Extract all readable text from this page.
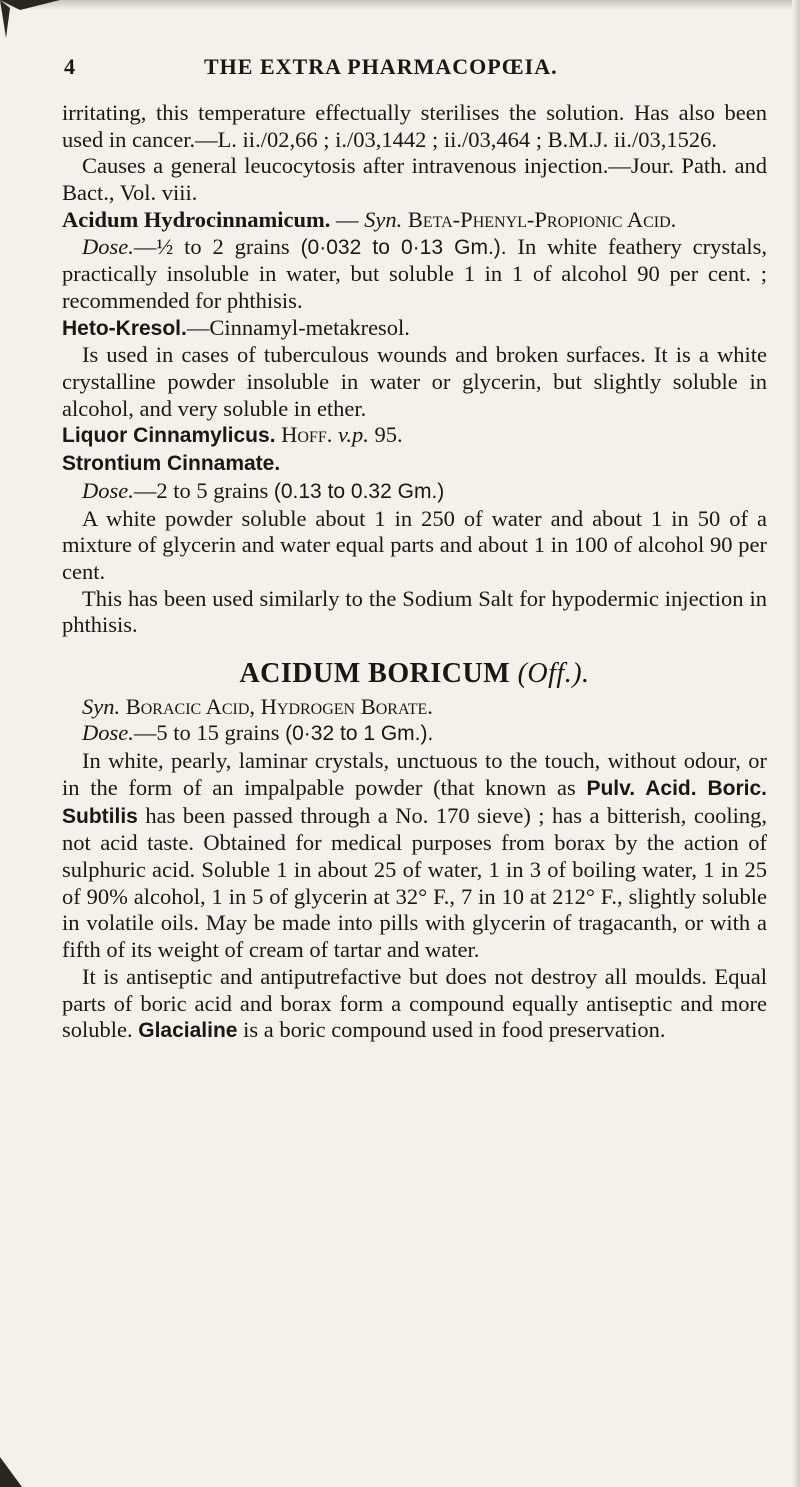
4	THE EXTRA PHARMACOPŒIA.

irritating, this temperature effectually sterilises the solution. Has also been used in cancer.—L. ii./02,66 ; i./03,1442 ; ii./03,464 ; B.M.J. ii./03,1526.

Causes a general leucocytosis after intravenous injection.—Jour. Path. and Bact., Vol. viii.

Acidum Hydrocinnamicum. — Syn. Beta-Phenyl-Propionic Acid.

Dose.—½ to 2 grains (0·032 to 0·13 Gm.). In white feathery crystals, practically insoluble in water, but soluble 1 in 1 of alcohol 90 per cent. ; recommended for phthisis.

Heto-Kresol.—Cinnamyl-metakresol.

Is used in cases of tuberculous wounds and broken surfaces. It is a white crystalline powder insoluble in water or glycerin, but slightly soluble in alcohol, and very soluble in ether.

Liquor Cinnamylicus. Hoff. v.p. 95.

Strontium Cinnamate.

Dose.—2 to 5 grains (0.13 to 0.32 Gm.)

A white powder soluble about 1 in 250 of water and about 1 in 50 of a mixture of glycerin and water equal parts and about 1 in 100 of alcohol 90 per cent.

This has been used similarly to the Sodium Salt for hypodermic injection in phthisis.

ACIDUM BORICUM (Off.).

Syn. Boracic Acid, Hydrogen Borate.

Dose.—5 to 15 grains (0·32 to 1 Gm.).

In white, pearly, laminar crystals, unctuous to the touch, without odour, or in the form of an impalpable powder (that known as Pulv. Acid. Boric. Subtilis has been passed through a No. 170 sieve) ; has a bitterish, cooling, not acid taste. Obtained for medical purposes from borax by the action of sulphuric acid. Soluble 1 in about 25 of water, 1 in 3 of boiling water, 1 in 25 of 90% alcohol, 1 in 5 of glycerin at 32° F., 7 in 10 at 212° F., slightly soluble in volatile oils. May be made into pills with glycerin of tragacanth, or with a fifth of its weight of cream of tartar and water.

It is antiseptic and antiputrefactive but does not destroy all moulds. Equal parts of boric acid and borax form a compound equally antiseptic and more soluble. Glacialine is a boric compound used in food preservation.
